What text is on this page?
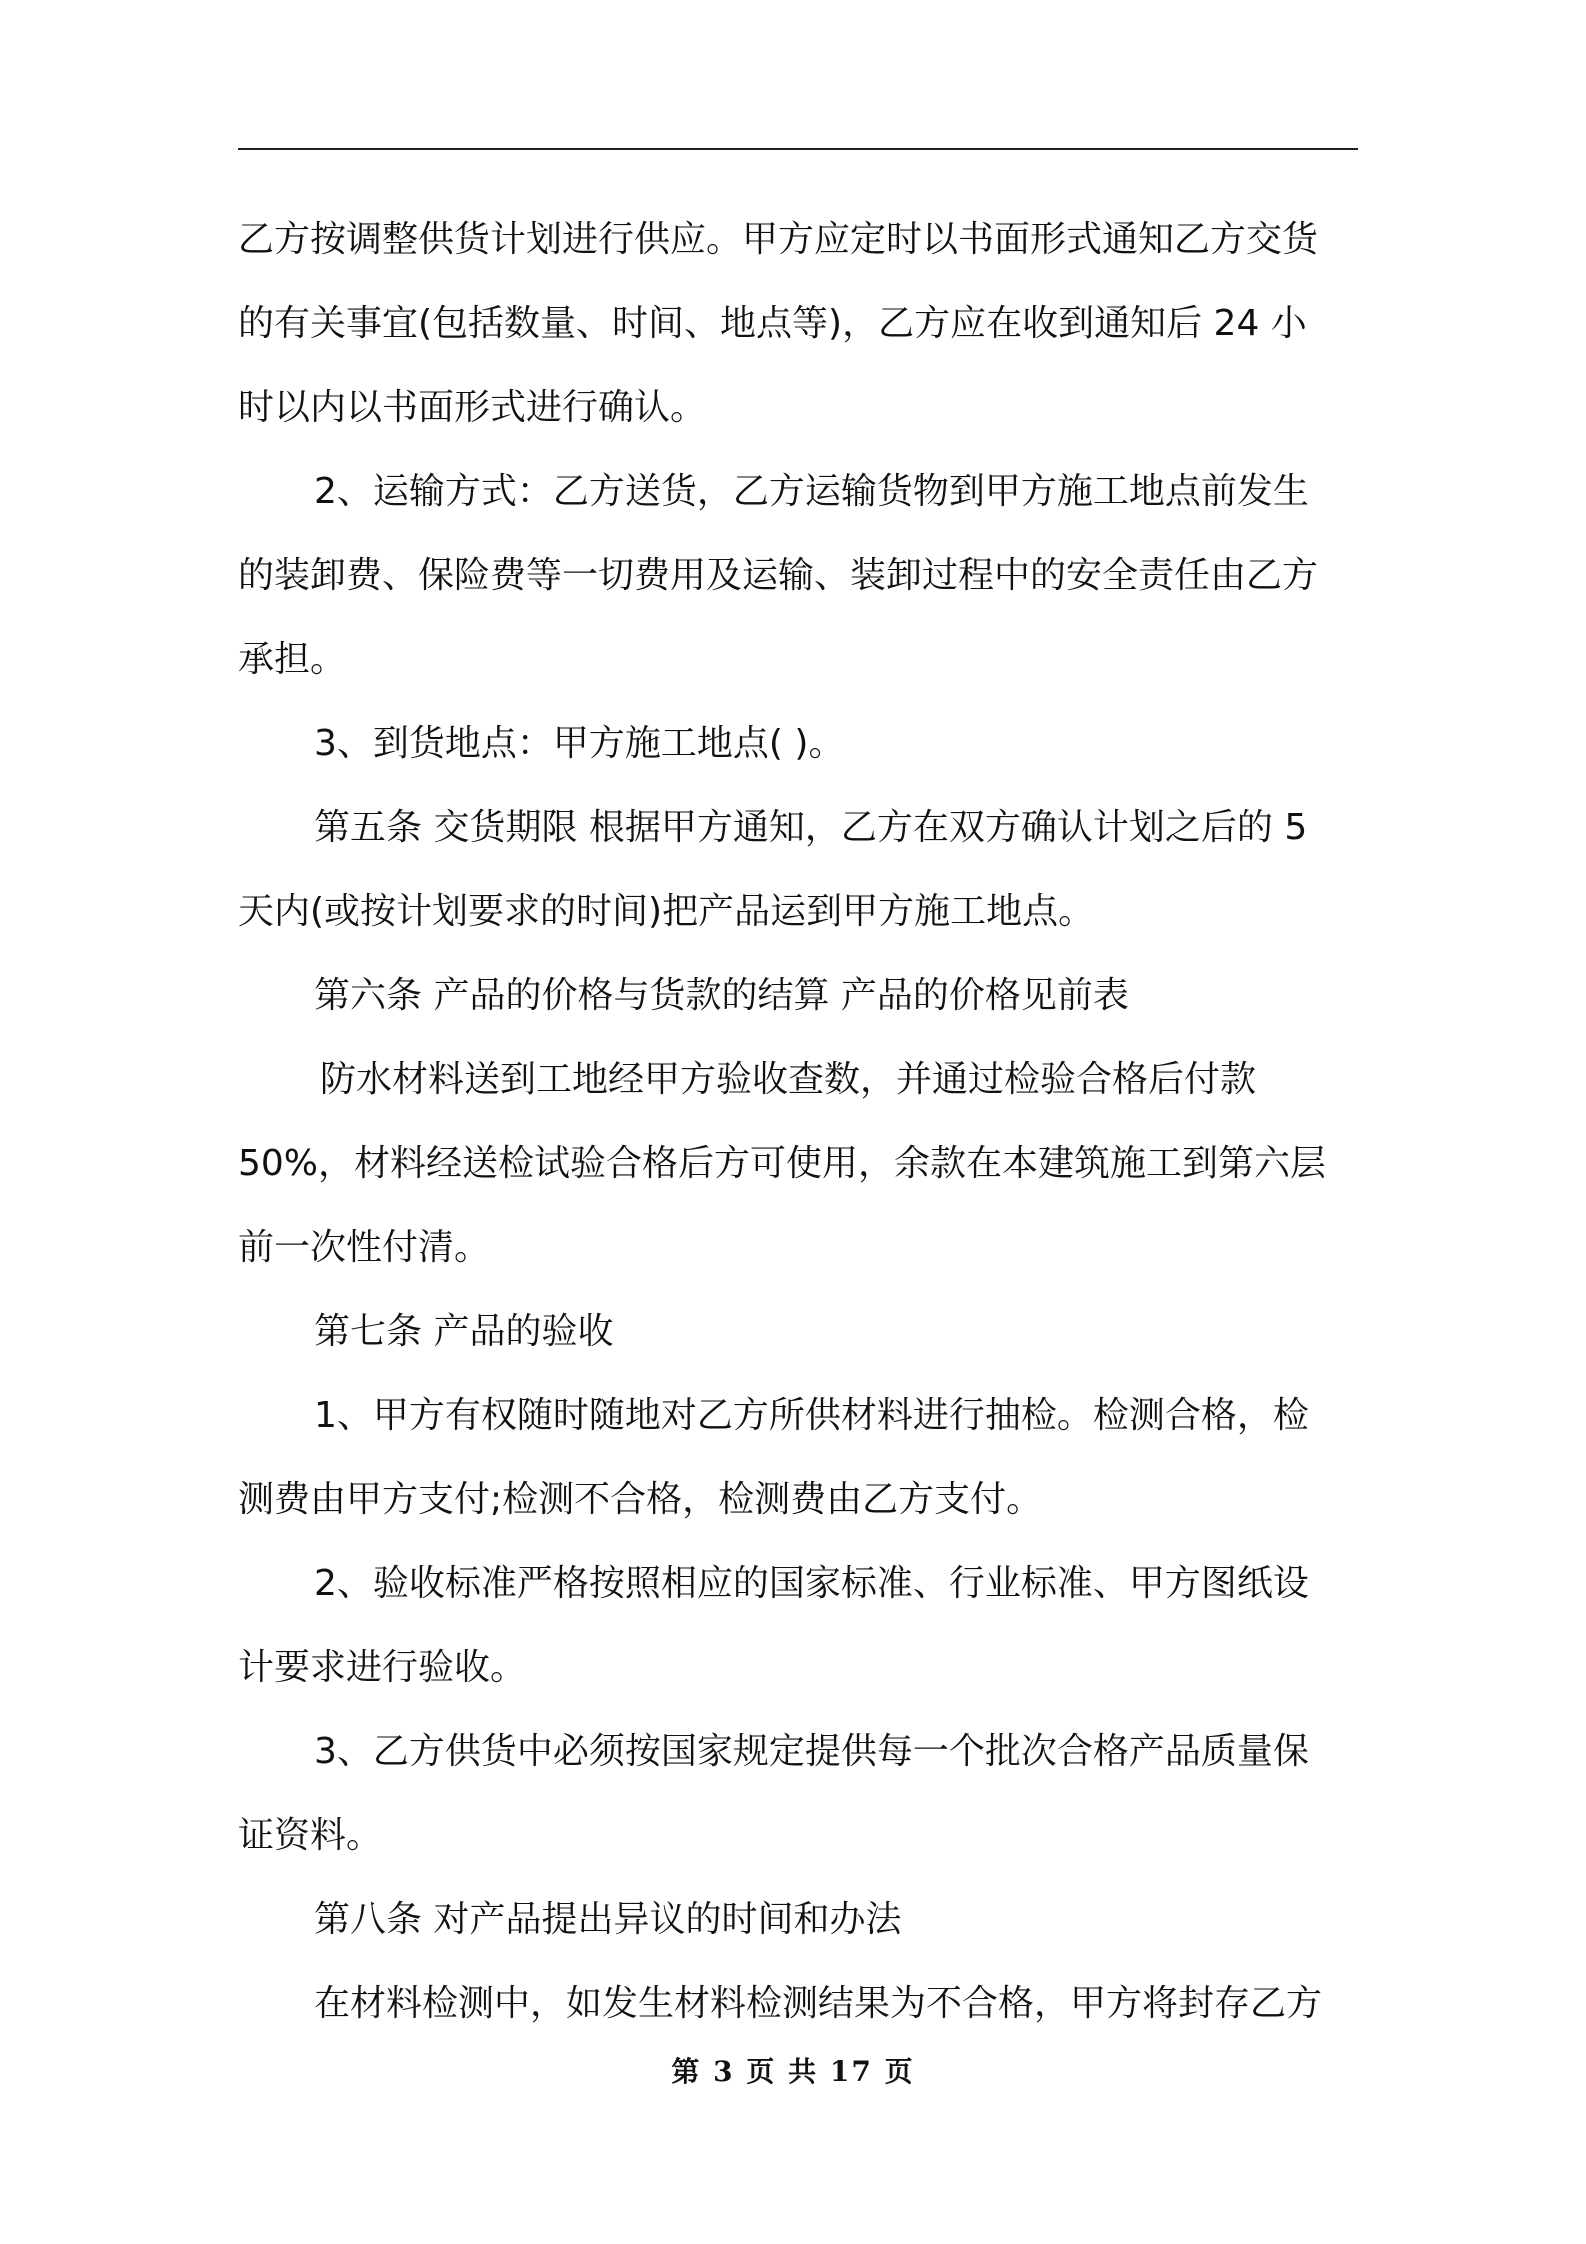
乙方按调整供货计划进行供应。甲方应定时以书面形式通知乙方交货
的有关事宜(包括数量、时间、地点等)，乙方应在收到通知后 24 小
时以内以书面形式进行确认。
2、运输方式：乙方送货，乙方运输货物到甲方施工地点前发生
的装卸费、保险费等一切费用及运输、装卸过程中的安全责任由乙方
承担。
3、到货地点：甲方施工地点( )。
第五条 交货期限 根据甲方通知，乙方在双方确认计划之后的 5
天内(或按计划要求的时间)把产品运到甲方施工地点。
第六条 产品的价格与货款的结算 产品的价格见前表
防水材料送到工地经甲方验收查数，并通过检验合格后付款
50%，材料经送检试验合格后方可使用，余款在本建筑施工到第六层
前一次性付清。
第七条 产品的验收
1、甲方有权随时随地对乙方所供材料进行抽检。检测合格，检
测费由甲方支付;检测不合格，检测费由乙方支付。
2、验收标准严格按照相应的国家标准、行业标准、甲方图纸设
计要求进行验收。
3、乙方供货中必须按国家规定提供每一个批次合格产品质量保
证资料。
第八条 对产品提出异议的时间和办法
在材料检测中，如发生材料检测结果为不合格，甲方将封存乙方
第 3 页 共 17 页
